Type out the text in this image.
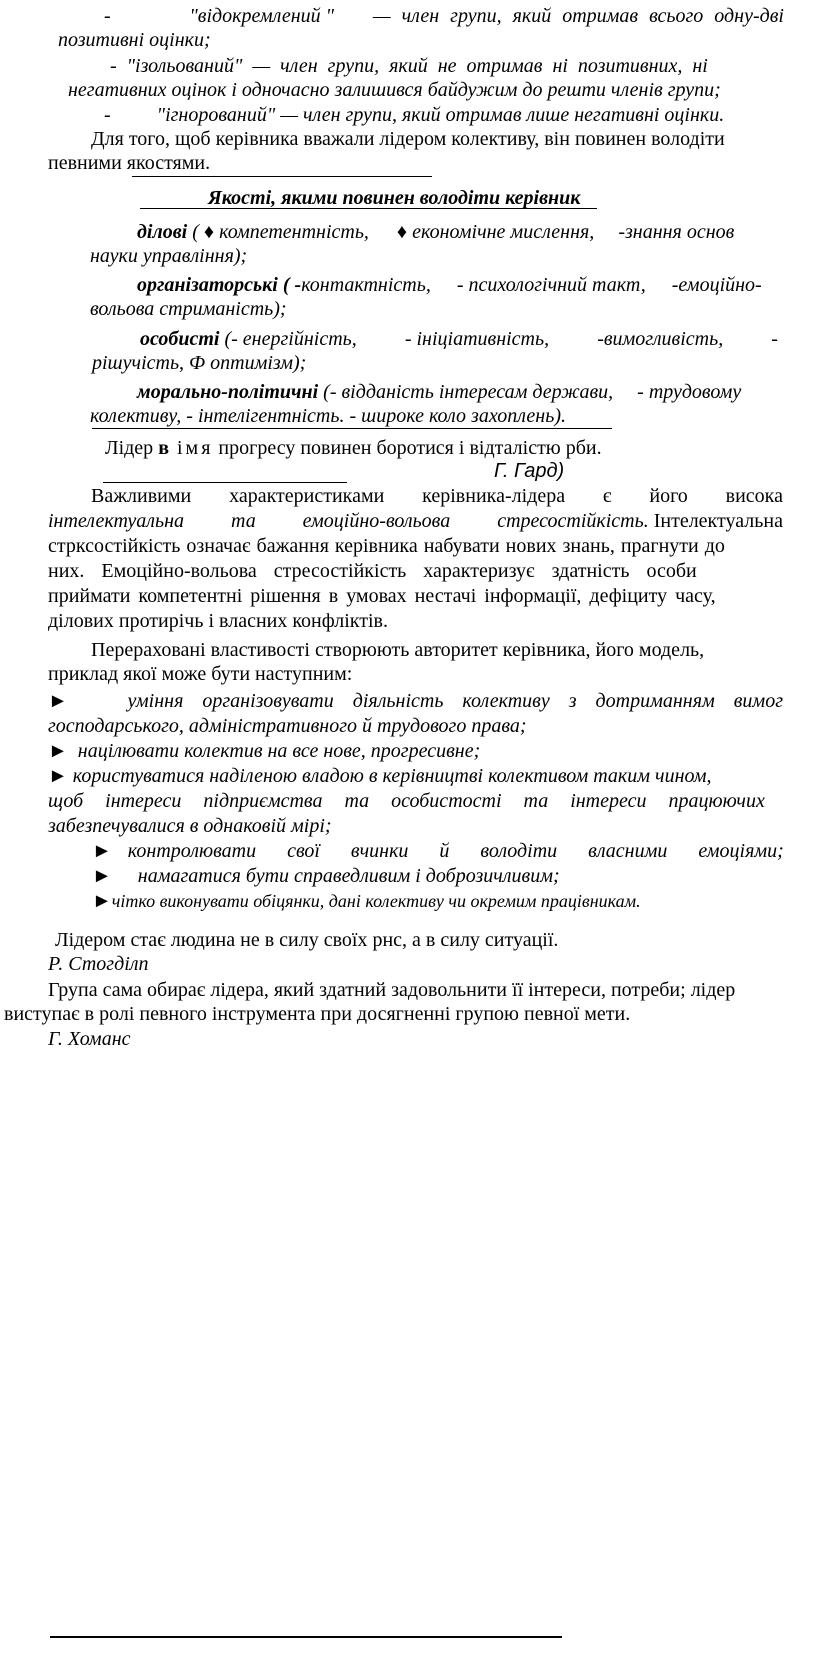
-	"відокремлений " — член групи, який отримав всього одну-дві
позитивні оцінки;
- "ізольований" — член групи, який не отримав ні позитивних, ні
негативних оцінок і одночасно залишився байдужим до решти членів групи;
- "ігнорований" — член групи, який отримав лише негативні оцінки.
Для того, щоб керівника вважали лідером колективу, він повинен володіти
певними якостями.
Якості, якими повинен володіти керівник
ділові ( ♦ компетентність, ♦ економічне мислення, -знання основ
науки управління);
організаторські ( -контактність, - психологічний такт, -емоційно-
вольова стриманість);
особисті (- енергійність, - ініціативність, -вимогливість, -
рішучість, Ф оптимізм);
морально-політичні (- відданість інтересам держави, - трудовому
колективу, - інтелігентність. - широке коло захоплень).
Лідер в імя прогресу повинен боротися і відталістю рби.
Г. Гард)
Важливими характеристиками керівника-лідера є його висока
інтелектуальна та емоційно-вольова стресостійкість. Інтелектуальна
стрксостійкість означає бажання керівника набувати нових знань, прагнути до
них. Емоційно-вольова стресостійкість характеризує здатність особи
приймати компетентні рішення в умовах нестачі інформації, дефіциту часу,
ділових протирічь і власних конфліктів.
Перераховані властивості створюють авторитет керівника, його модель,
приклад якої може бути наступним:
►	уміння організовувати діяльність колективу з дотриманням вимог
господарського, адміністративного й трудового права;
► націлювати колектив на все нове, прогресивне;
► користуватися наділеною владою в керівництві колективом таким чином,
щоб інтереси підприємства та особистості та інтереси працюючих
забезпечувалися в однаковій мірі;
► контролювати свої вчинки й володіти власними емоціями;
► намагатися бути справедливим і доброзичливим;
►чітко виконувати обіцянки, дані колективу чи окремим працівникам.
Лідером стає людина не в силу своїх рнс, а в силу ситуації.
Р. Стогділп
Група сама обирає лідера, який здатний задовольнити її інтереси, потреби; лідер
виступає в ролі певного інструмента при досягненні групою певної мети.
Г. Хоманс
